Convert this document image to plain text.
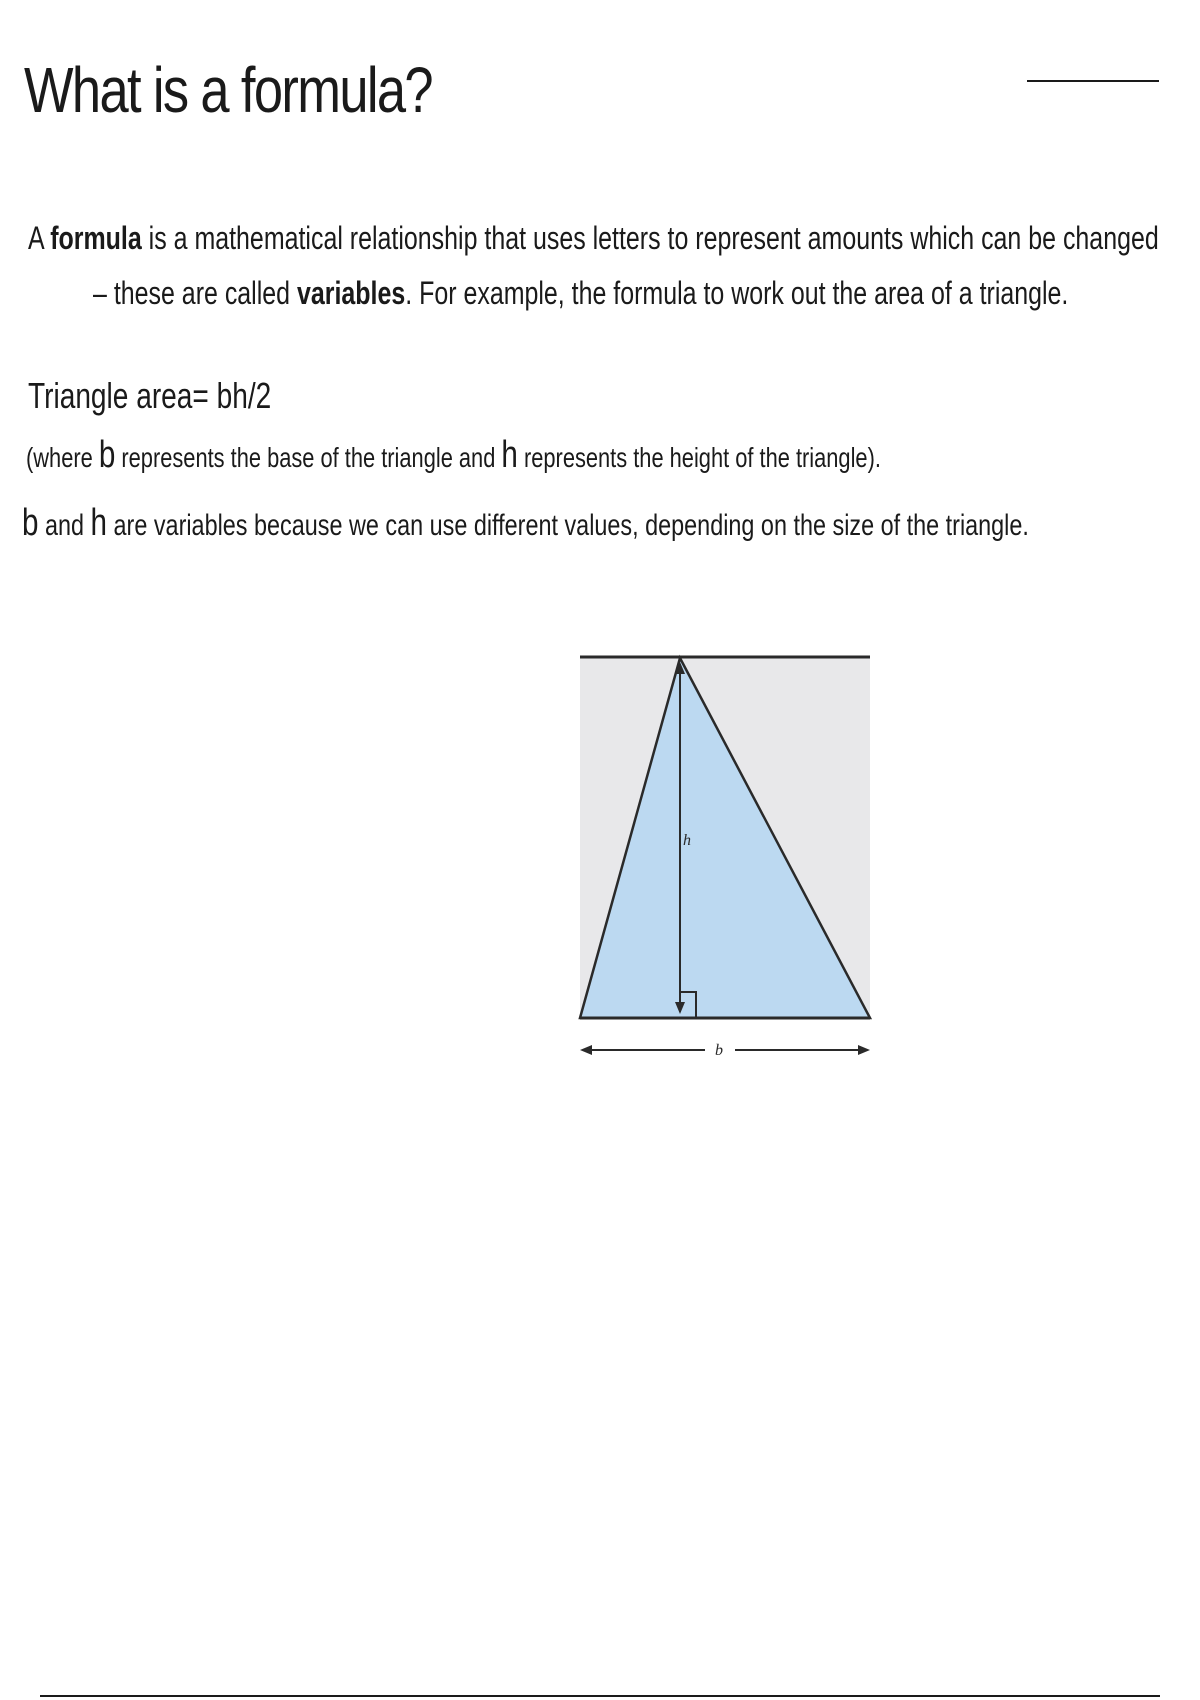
What is a formula?
A formula is a mathematical relationship that uses letters to represent amounts which can be changed
– these are called variables. For example, the formula to work out the area of a triangle.
Triangle area= bh/2
(where b represents the base of the triangle and h represents the height of the triangle).
b and h are variables because we can use different values, depending on the size of the triangle.
h
b
